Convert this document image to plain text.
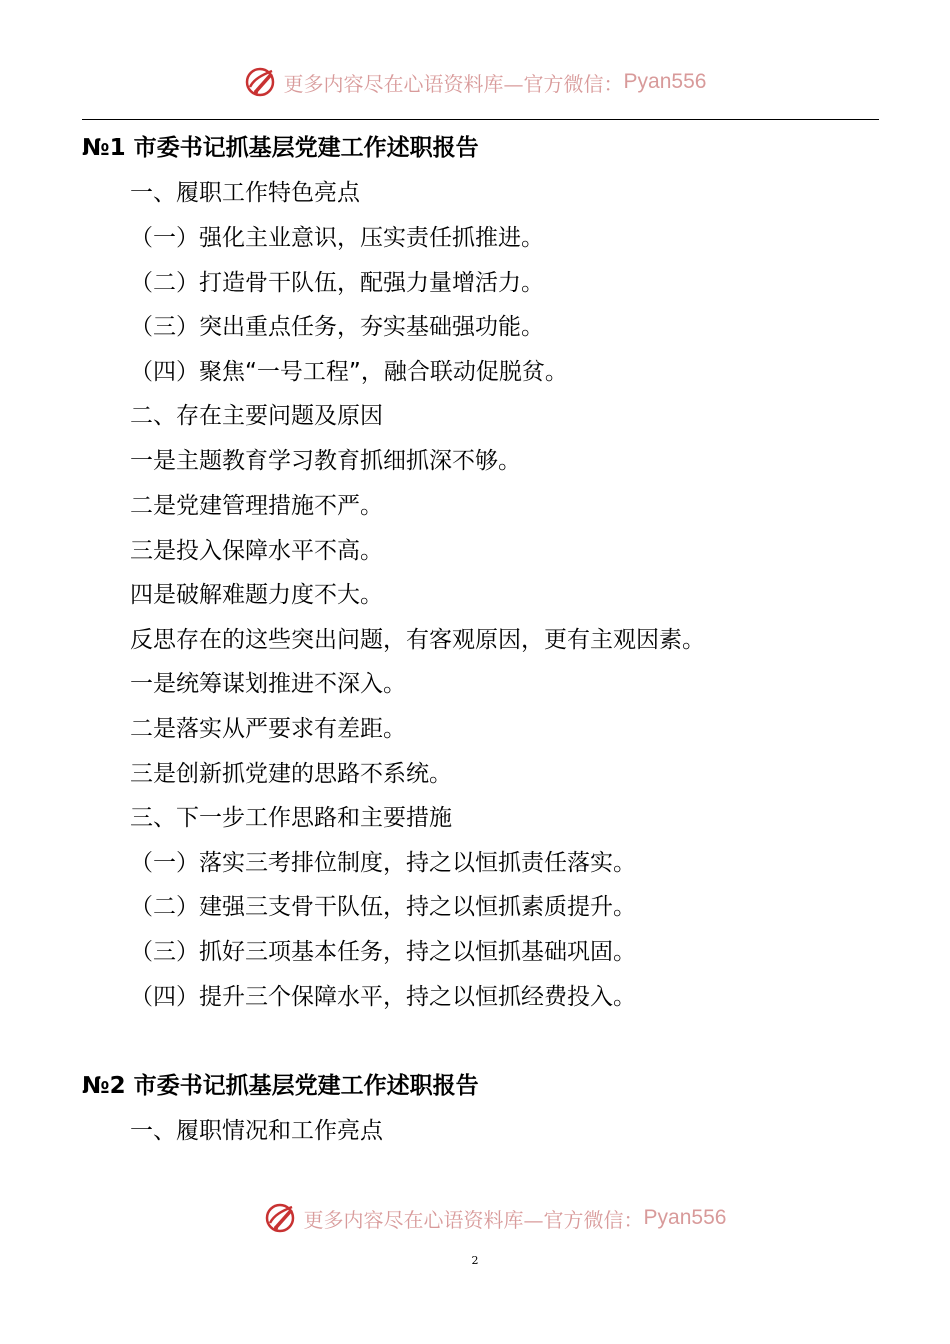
更多内容尽在心语资料库—官方微信： Pyan556
№1 市委书记抓基层党建工作述职报告
一、履职工作特色亮点
（一）强化主业意识，压实责任抓推进。
（二）打造骨干队伍，配强力量增活力。
（三）突出重点任务，夯实基础强功能。
（四）聚焦“一号工程”，融合联动促脱贫。
二、存在主要问题及原因
一是主题教育学习教育抓细抓深不够。
二是党建管理措施不严。
三是投入保障水平不高。
四是破解难题力度不大。
反思存在的这些突出问题，有客观原因，更有主观因素。
一是统筹谋划推进不深入。
二是落实从严要求有差距。
三是创新抓党建的思路不系统。
三、下一步工作思路和主要措施
（一）落实三考排位制度，持之以恒抓责任落实。
（二）建强三支骨干队伍，持之以恒抓素质提升。
（三）抓好三项基本任务，持之以恒抓基础巩固。
（四）提升三个保障水平，持之以恒抓经费投入。
№2 市委书记抓基层党建工作述职报告
一、履职情况和工作亮点
更多内容尽在心语资料库—官方微信： Pyan556
2
